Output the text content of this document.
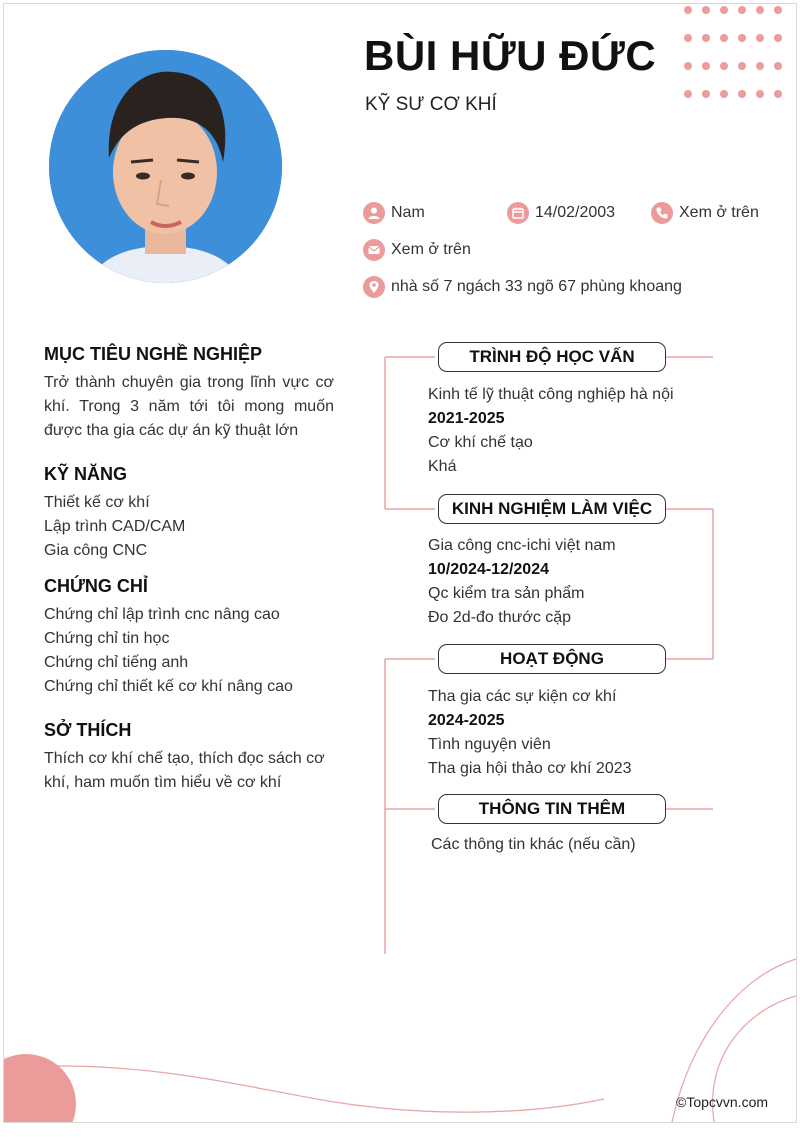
BÙI HỮU ĐỨC

KỸ SƯ CƠ KHÍ

Nam	14/02/2003	Xem ở trên
Xem ở trên
nhà số 7 ngách 33 ngõ 67 phùng khoang
MỤC TIÊU NGHỀ NGHIỆP
Trở thành chuyên gia trong lĩnh vực cơ khí. Trong 3 năm tới tôi mong muốn được tha gia các dự án kỹ thuật lớn
KỸ NĂNG
Thiết kế cơ khí
Lập trình CAD/CAM
Gia công CNC
CHỨNG CHỈ
Chứng chỉ lập trình cnc nâng cao
Chứng chỉ tin học
Chứng chỉ tiếng anh
Chứng chỉ thiết kế cơ khí nâng cao
SỞ THÍCH
Thích cơ khí chế tạo, thích đọc sách cơ khí, ham muốn tìm hiểu về cơ khí
TRÌNH ĐỘ HỌC VẤN
Kinh tế lỹ thuật công nghiệp hà nội
2021-2025
Cơ khí chế tạo
Khá
KINH NGHIỆM LÀM VIỆC
Gia công cnc-ichi việt nam
10/2024-12/2024
Qc kiểm tra sản phẩm
Đo 2d-đo thước cặp
HOẠT ĐỘNG
Tha gia các sự kiện cơ khí
2024-2025
Tình nguyện viên
Tha gia hội thảo cơ khí 2023
THÔNG TIN THÊM
Các thông tin khác (nếu cần)
©Topcvvn.com
